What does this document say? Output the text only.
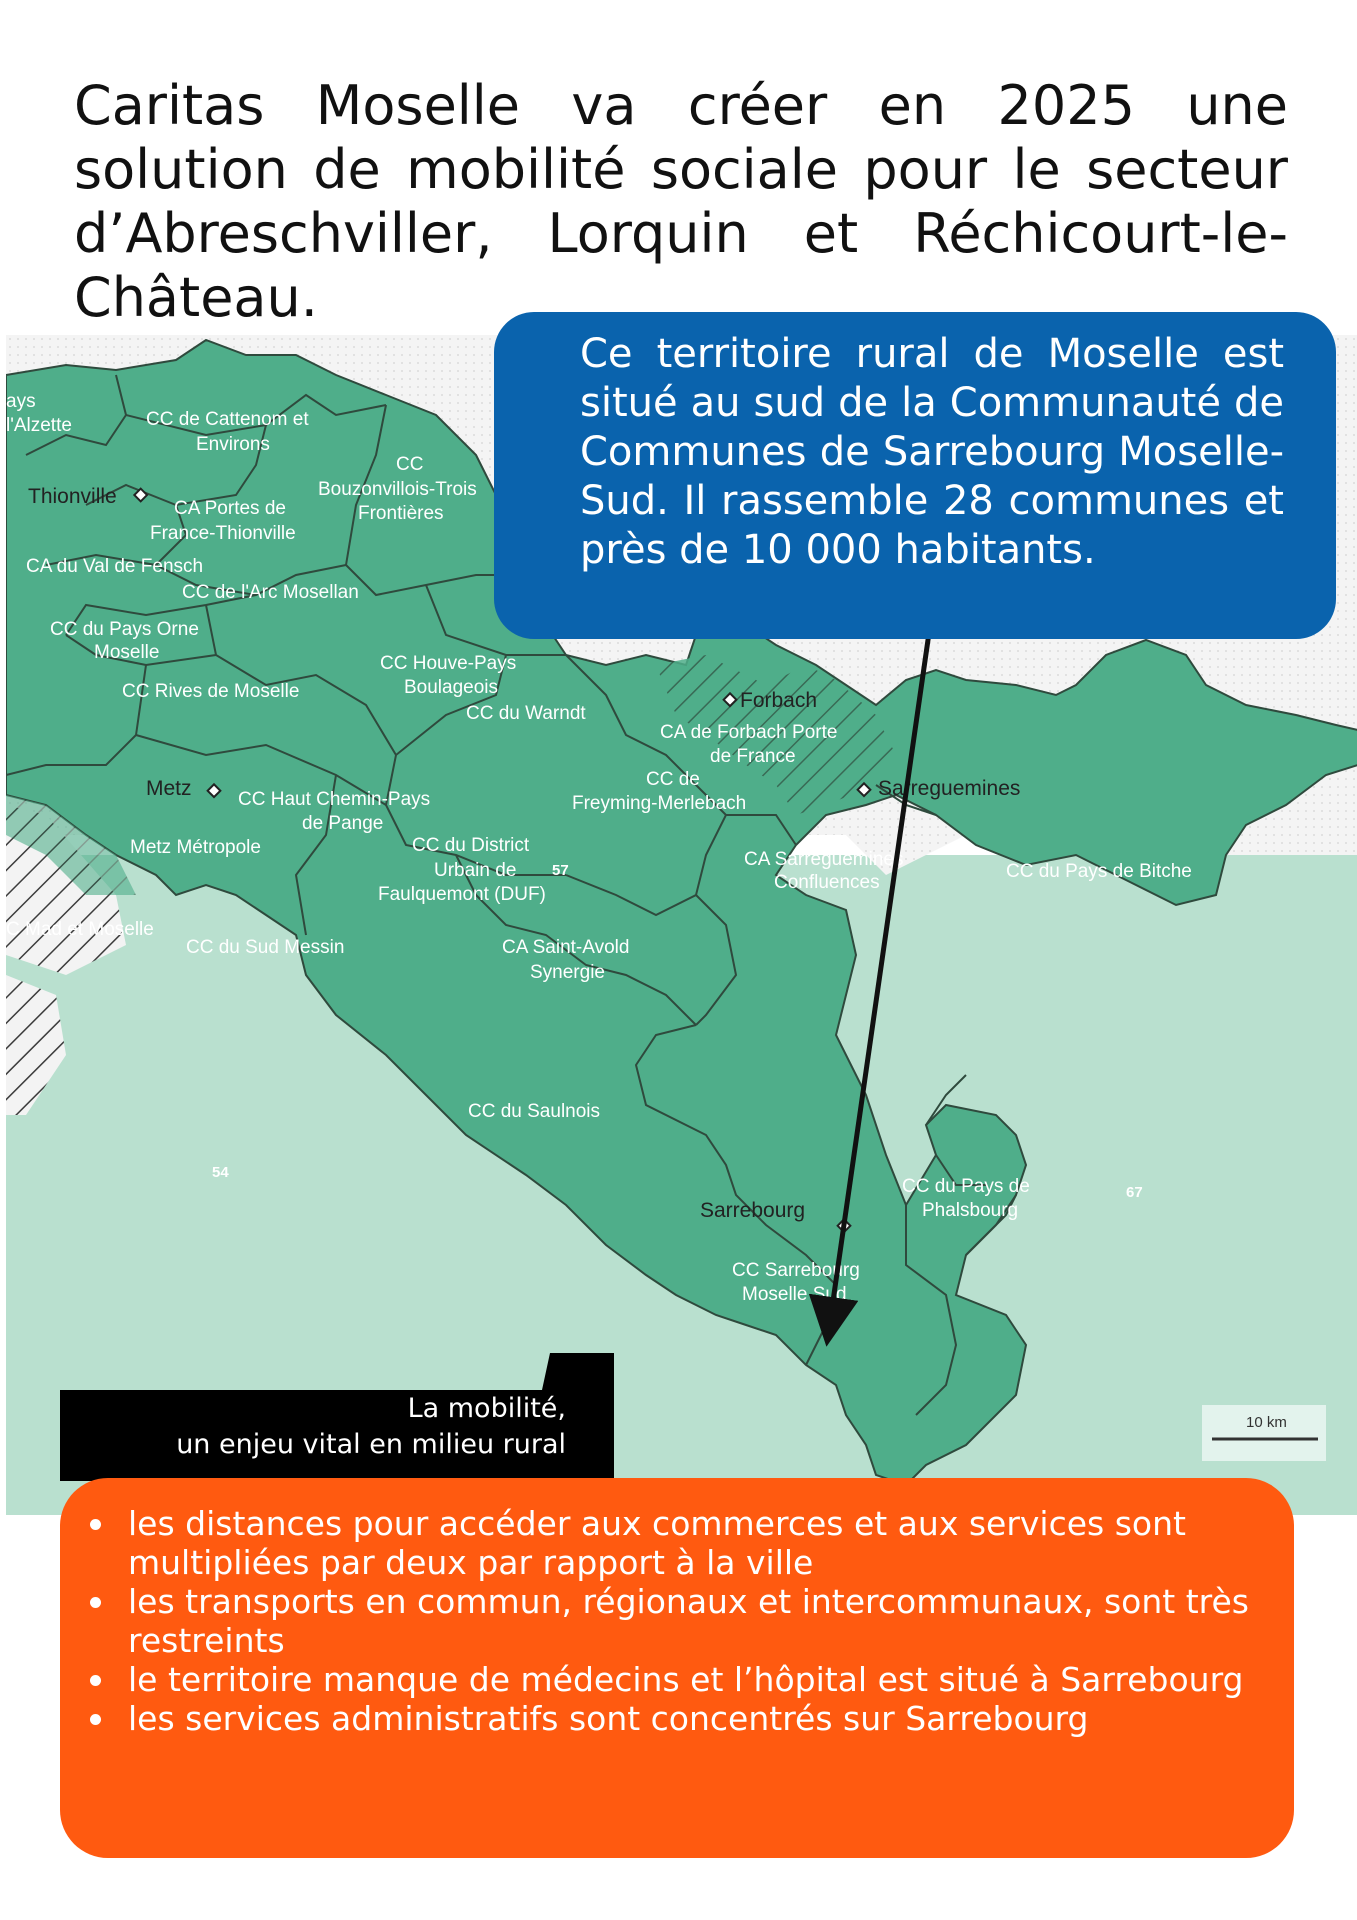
Caritas Moselle va créer en 2025 une solution de mobilité sociale pour le secteur d’Abreschviller, Lorquin et Réchicourt-le-Château.
ays
l'Alzette	CC de Cattenom et
Environs
CC
Bouzonvillois-Trois
Frontières
Thionville
CA Portes de
France-Thionville
CA du Val de Fensch
CC de l'Arc Mosellan
CC du Pays Orne
Moselle
CC Rives de Moselle
CC Houve-Pays
Boulageois
CC du Warndt
Forbach
CA de Forbach Porte
de France
CC de
Freyming-Merlebach
Sarreguemines
Metz CC Haut Chemin-Pays
de Pange
Metz Métropole	CC du District
Urbain de
Faulquemont (DUF)
57
CA Sarreguemines
Confluences
CC du Pays de Bitche
C Mad et Moselle
CC du Sud Messin	CA Saint-Avold
Synergie
CC du Saulnois
54
CC du Pays de
Phalsbourg
67
Sarrebourg
CC Sarrebourg
Moselle Sud
10 km

Ce territoire rural de Moselle est situé au sud de la Communauté de Communes de Sarrebourg Moselle-Sud. Il rassemble 28 communes et près de 10 000 habitants.

La mobilité,
un enjeu vital en milieu rural
les distances pour accéder aux commerces et aux services sont multipliées par deux par rapport à la ville
les transports en commun, régionaux et intercommunaux, sont très restreints
le territoire manque de médecins et l’hôpital est situé à Sarrebourg
les services administratifs sont concentrés sur Sarrebourg
